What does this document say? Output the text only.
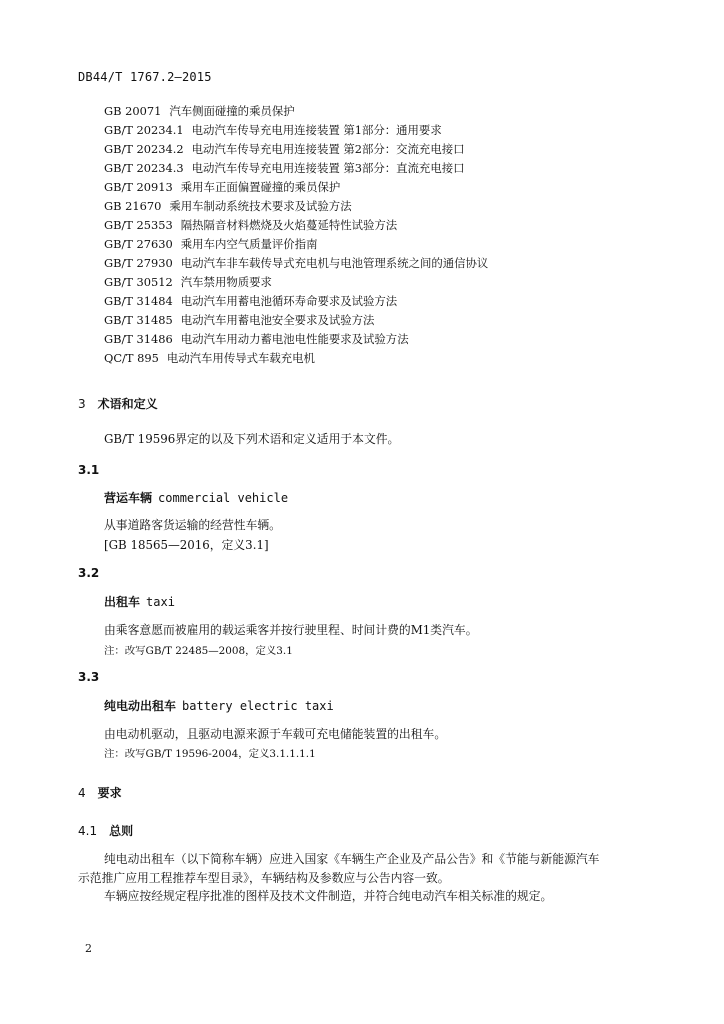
DB44/T 1767.2—2015
GB 20071 汽车侧面碰撞的乘员保护
GB/T 20234.1 电动汽车传导充电用连接装置 第1部分：通用要求
GB/T 20234.2 电动汽车传导充电用连接装置 第2部分：交流充电接口
GB/T 20234.3 电动汽车传导充电用连接装置 第3部分：直流充电接口
GB/T 20913 乘用车正面偏置碰撞的乘员保护
GB 21670 乘用车制动系统技术要求及试验方法
GB/T 25353 隔热隔音材料燃烧及火焰蔓延特性试验方法
GB/T 27630 乘用车内空气质量评价指南
GB/T 27930 电动汽车非车载传导式充电机与电池管理系统之间的通信协议
GB/T 30512 汽车禁用物质要求
GB/T 31484 电动汽车用蓄电池循环寿命要求及试验方法
GB/T 31485 电动汽车用蓄电池安全要求及试验方法
GB/T 31486 电动汽车用动力蓄电池电性能要求及试验方法
QC/T 895 电动汽车用传导式车载充电机
3 术语和定义
GB/T 19596界定的以及下列术语和定义适用于本文件。
3.1
营运车辆 commercial vehicle
从事道路客货运输的经营性车辆。
[GB 18565—2016，定义3.1]
3.2
出租车 taxi
由乘客意愿而被雇用的载运乘客并按行驶里程、时间计费的M1类汽车。
注：改写GB/T 22485—2008，定义3.1
3.3
纯电动出租车 battery electric taxi
由电动机驱动，且驱动电源来源于车载可充电储能装置的出租车。
注：改写GB/T 19596-2004，定义3.1.1.1.1
4 要求
4.1 总则
纯电动出租车（以下简称车辆）应进入国家《车辆生产企业及产品公告》和《节能与新能源汽车
示范推广应用工程推荐车型目录》，车辆结构及参数应与公告内容一致。
车辆应按经规定程序批准的图样及技术文件制造，并符合纯电动汽车相关标准的规定。
2
